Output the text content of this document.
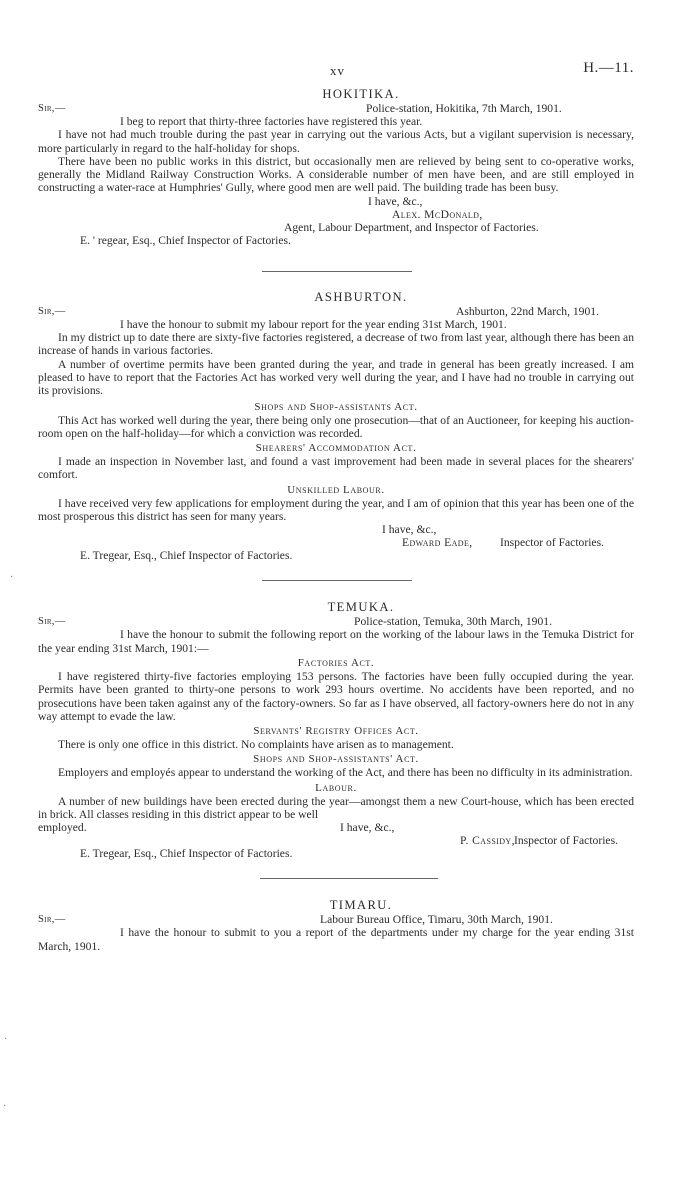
xv	H.—11.
HOKITIKA.
Sir,—	Police-station, Hokitika, 7th March, 1901.

I beg to report that thirty-three factories have registered this year.

I have not had much trouble during the past year in carrying out the various Acts, but a vigilant supervision is necessary, more particularly in regard to the half-holiday for shops.

There have been no public works in this district, but occasionally men are relieved by being sent to co-operative works, generally the Midland Railway Construction Works. A considerable number of men have been, and are still employed in constructing a water-race at Humphries' Gully, where good men are well paid. The building trade has been busy.

I have, &c.,
Alex. McDonald,
Agent, Labour Department, and Inspector of Factories.
E. ' regear, Esq., Chief Inspector of Factories.
ASHBURTON.
Sir,—	Ashburton, 22nd March, 1901.

I have the honour to submit my labour report for the year ending 31st March, 1901.

In my district up to date there are sixty-five factories registered, a decrease of two from last year, although there has been an increase of hands in various factories.

A number of overtime permits have been granted during the year, and trade in general has been greatly increased. I am pleased to have to report that the Factories Act has worked very well during the year, and I have had no trouble in carrying out its provisions.

Shops and Shop-assistants Act.

This Act has worked well during the year, there being only one prosecution—that of an Auctioneer, for keeping his auction-room open on the half-holiday—for which a conviction was recorded.

Shearers' Accommodation Act.

I made an inspection in November last, and found a vast improvement had been made in several places for the shearers' comfort.

Unskilled Labour.

I have received very few applications for employment during the year, and I am of opinion that this year has been one of the most prosperous this district has seen for many years.

I have, &c.,
Edward Eade, Inspector of Factories.
E. Tregear, Esq., Chief Inspector of Factories.
TEMUKA.
Sir,—	Police-station, Temuka, 30th March, 1901.

I have the honour to submit the following report on the working of the labour laws in the Temuka District for the year ending 31st March, 1901:—

Factories Act.

I have registered thirty-five factories employing 153 persons. The factories have been fully occupied during the year. Permits have been granted to thirty-one persons to work 293 hours overtime. No accidents have been reported, and no prosecutions have been taken against any of the factory-owners. So far as I have observed, all factory-owners here do not in any way attempt to evade the law.

Servants' Registry Offices Act.

There is only one office in this district. No complaints have arisen as to management.

Shops and Shop-assistants' Act.

Employers and employés appear to understand the working of the Act, and there has been no difficulty in its administration.

Labour.

A number of new buildings have been erected during the year—amongst them a new Court-house, which has been erected in brick. All classes residing in this district appear to be well

employed.	I have, &c.,
P. Cassidy, Inspector of Factories.
E. Tregear, Esq., Chief Inspector of Factories.
TIMARU.
Sir,—	Labour Bureau Office, Timaru, 30th March, 1901.

I have the honour to submit to you a report of the departments under my charge for the year ending 31st March, 1901.

·
·
·
